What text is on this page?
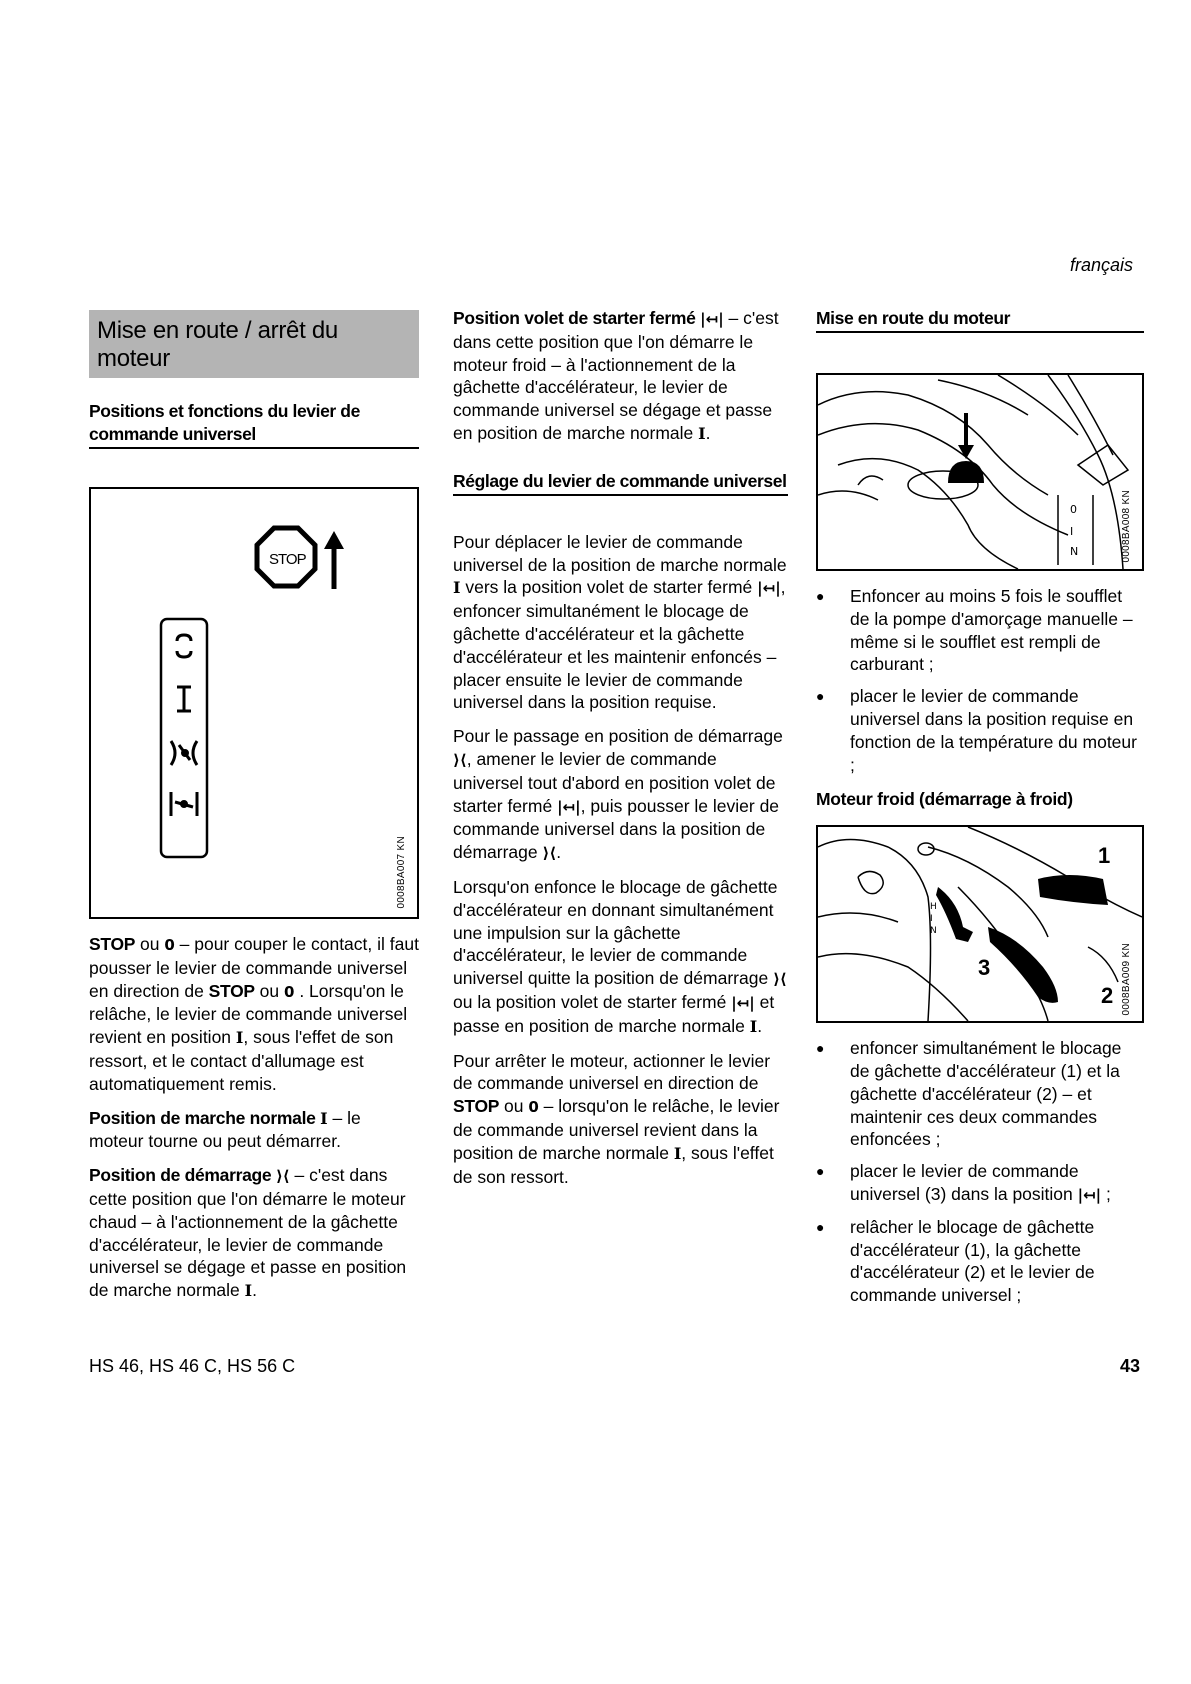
français
Mise en route / arrêt du moteur
Positions et fonctions du levier de commande universel
STOP
0008BA007 KN

STOP ou 0 – pour couper le contact, il faut pousser le levier de commande universel en direction de STOP ou 0 . Lorsqu'on le relâche, le levier de commande universel revient en position I, sous l'effet de son ressort, et le contact d'allumage est automatiquement remis.

Position de marche normale I – le moteur tourne ou peut démarrer.

Position de démarrage ⟩⟨ – c'est dans cette position que l'on démarre le moteur chaud – à l'actionnement de la gâchette d'accélérateur, le levier de commande universel se dégage et passe en position de marche normale I.

Position volet de starter fermé |↤| – c'est dans cette position que l'on démarre le moteur froid – à l'actionnement de la gâchette d'accélérateur, le levier de commande universel se dégage et passe en position de marche normale I.

Réglage du levier de commande universel

Pour déplacer le levier de commande universel de la position de marche normale I vers la position volet de starter fermé |↤|, enfoncer simultanément le blocage de gâchette d'accélérateur et la gâchette d'accélérateur et les maintenir enfoncés – placer ensuite le levier de commande universel dans la position requise.

Pour le passage en position de démarrage ⟩⟨, amener le levier de commande universel tout d'abord en position volet de starter fermé |↤|, puis pousser le levier de commande universel dans la position de démarrage ⟩⟨.

Lorsqu'on enfonce le blocage de gâchette d'accélérateur en donnant simultanément une impulsion sur la gâchette d'accélérateur, le levier de commande universel quitte la position de démarrage ⟩⟨ ou la position volet de starter fermé |↤| et passe en position de marche normale I.

Pour arrêter le moteur, actionner le levier de commande universel en direction de STOP ou 0 – lorsqu'on le relâche, le levier de commande universel revient dans la position de marche normale I, sous l'effet de son ressort.

Mise en route du moteur
0
I
N	0008BA008 KN
● Enfoncer au moins 5 fois le soufflet de la pompe d'amorçage manuelle – même si le soufflet est rempli de carburant ;
● placer le levier de commande universel dans la position requise en fonction de la température du moteur ;
Moteur froid (démarrage à froid)
H
I
N
1
2
3	0008BA009 KN
● enfoncer simultanément le blocage de gâchette d'accélérateur (1) et la gâchette d'accélérateur (2) – et maintenir ces deux commandes enfoncées ;
● placer le levier de commande universel (3) dans la position |↤| ;
● relâcher le blocage de gâchette d'accélérateur (1), la gâchette d'accélérateur (2) et le levier de commande universel ;
HS 46, HS 46 C, HS 56 C	43
